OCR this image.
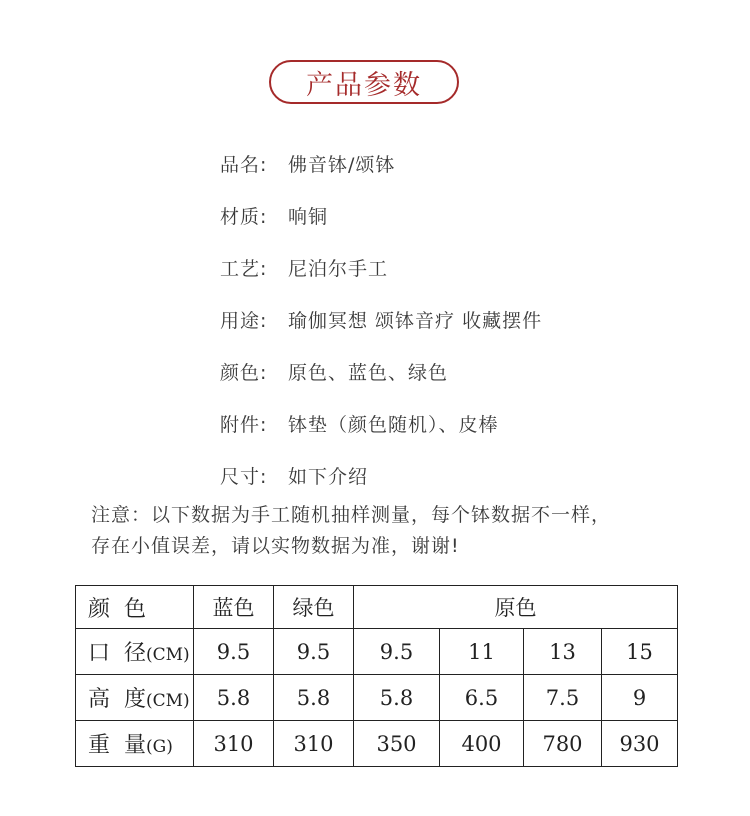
产品参数
品名:	佛音钵/颂钵
材质:	响铜
工艺:	尼泊尔手工
用途:	瑜伽冥想 颂钵音疗 收藏摆件
颜色:	原色、蓝色、绿色
附件:	钵垫（颜色随机）、皮棒
尺寸:	如下介绍
注意：以下数据为手工随机抽样测量，每个钵数据不一样，
存在小值误差，请以实物数据为准，谢谢!
颜  色	蓝色	绿色	原色			
口  径(CM)	9.5	9.5	9.5	11	13	15
高  度(CM)	5.8	5.8	5.8	6.5	7.5	9
重  量(G)	310	310	350	400	780	930
